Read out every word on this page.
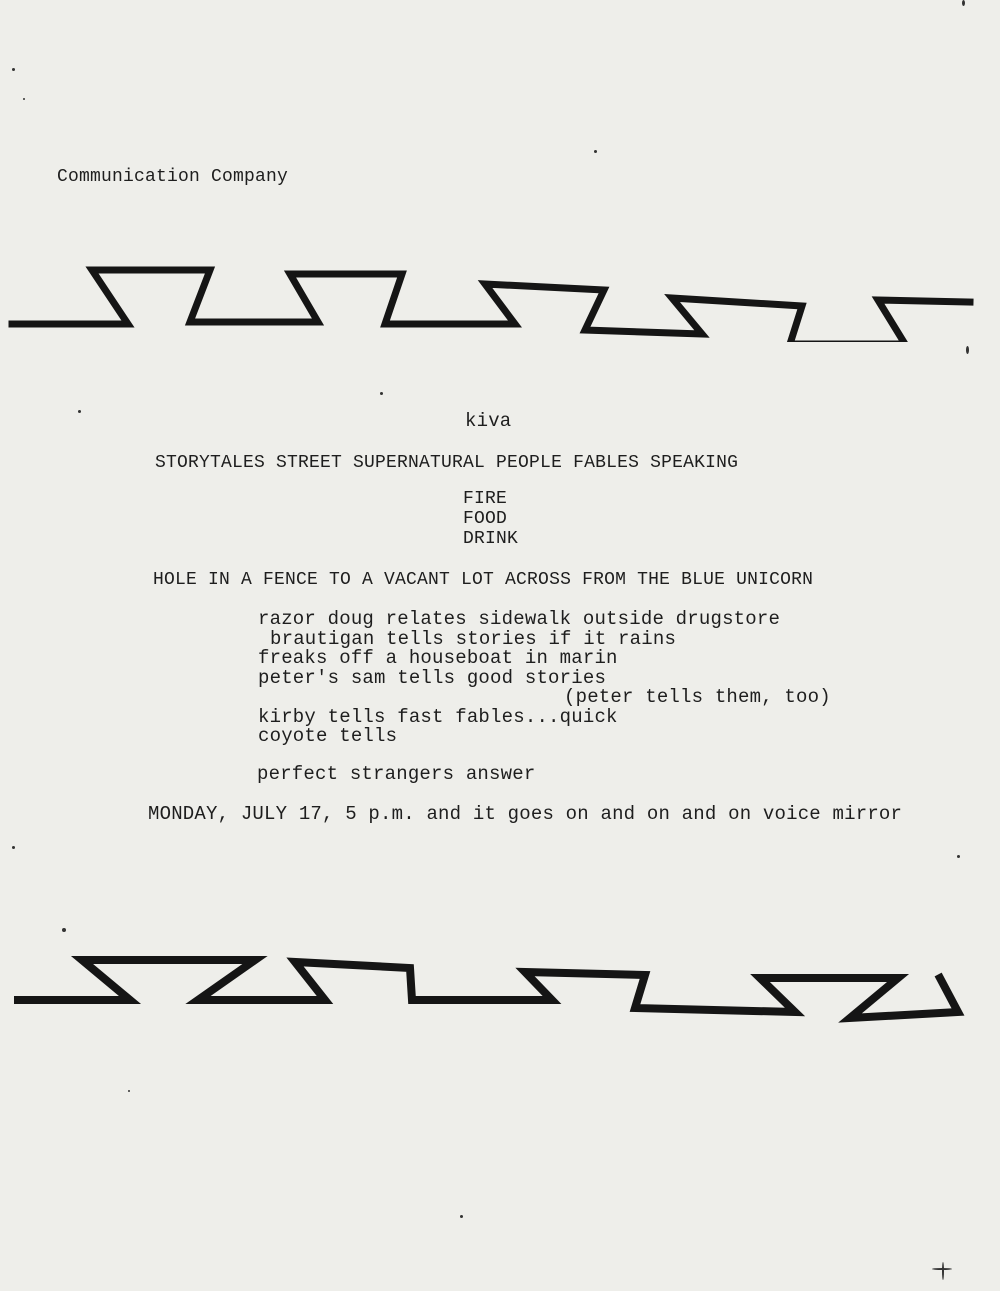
Communication Company
kiva
STORYTALES STREET SUPERNATURAL PEOPLE FABLES SPEAKING
FIRE
FOOD
DRINK
HOLE IN A FENCE TO A VACANT LOT ACROSS FROM THE BLUE UNICORN
razor doug relates sidewalk outside drugstore
brautigan tells stories if it rains
freaks off a houseboat in marin
peter's sam tells good stories
(peter tells them, too)
kirby tells fast fables...quick
coyote tells
perfect strangers answer
MONDAY, JULY 17, 5 p.m. and it goes on and on and on voice mirror
